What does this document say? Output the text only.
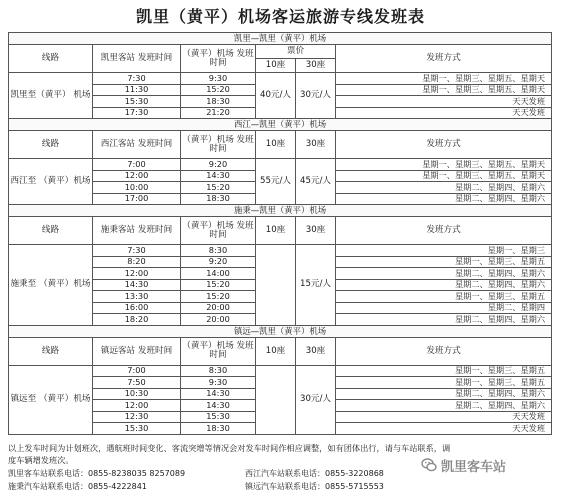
凯里（黄平）机场客运旅游专线发班表
凯里—凯里（黄平）机场					
线路	凯里客站 发班时间	（黄平）机场 发班时间	票价		发班方式
			10座	30座	
凯里至（黄平） 机场	7:30	9:30	40元/人	30元/人	星期一、星期三、星期五、星期天
	11:30	15:20			星期一、星期三、星期五、星期天
	15:30	18:30			天天发班
	17:30	21:20			天天发班
西江—凯里（黄平）机场					
线路	西江客站 发班时间	（黄平）机场 发班时间	10座	30座	发班方式

西江至 （黄平）机场	7:00	9:20	55元/人	45元/人	星期一、星期三、星期五、星期天
	12:00	14:30			星期一、星期三、星期五、星期天
	10:00	15:20			星期二、星期四、星期六
	17:00	18:30			星期二、星期四、星期六
施秉—凯里（黄平）机场					
线路	施秉客站 发班时间	（黄平）机场 发班时间	10座	30座	发班方式

施秉至 （黄平）机场	7:30	8:30		15元/人	星期一、星期三
	8:20	9:20			星期一、星期三、星期五
	12:00	14:00			星期二、星期四、星期六
	14:30	15:20			星期二、星期四、星期六
	13:30	15:20			星期一、星期三、星期五
	16:00	20:00			星期二、星期四
	18:20	20:00			星期二、星期四、星期六
镇远—凯里（黄平）机场					
线路	镇远客站 发班时间	（黄平）机场 发班时间	10座	30座	发班方式

镇远至 （黄平）机场	7:00	8:30		30元/人	星期一、星期三、星期五
	7:50	9:30			星期一、星期三、星期五
	10:30	14:30			星期二、星期四、星期六
	12:00	14:30			星期二、星期四、星期六
	12:30	15:30			天天发班
	15:30	18:30			天天发班
以上发车时间为计划班次，遇航班时间变化、客流突增等情况会对发车时间作相应调整，如有团体出行，请与车站联系，调
度车辆增发班次。
凯里客车站联系电话：0855-8238035 8257089	西江汽车站联系电话：0855-3220868
施秉汽车站联系电话：0855-4222841	镇远汽车站联系电话：0855-5715553
凯里客车站
